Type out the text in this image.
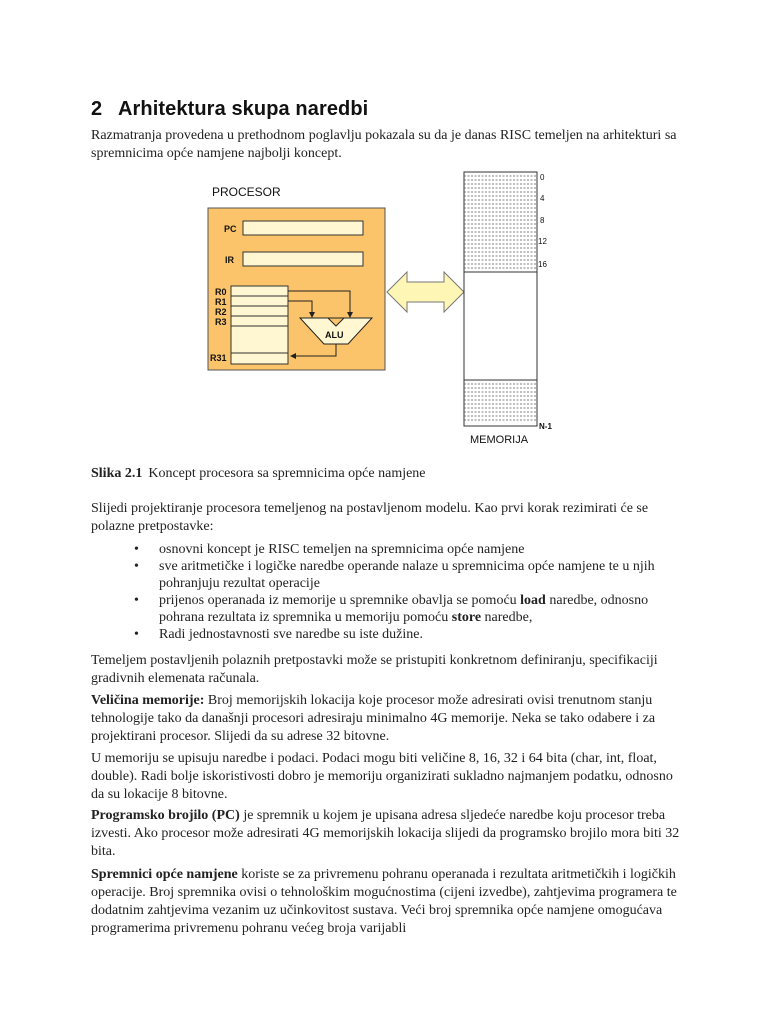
2 Arhitektura skupa naredbi

Razmatranja provedena u prethodnom poglavlju pokazala su da je danas RISC temeljen na arhitekturi sa spremnicima opće namjene najbolji koncept.

PROCESOR
PC
IR
R0
R1
R2
R3
R31
ALU
0
4
8
12
16
N-1
MEMORIJA

Slika 2.1 Koncept procesora sa spremnicima opće namjene

Slijedi projektiranje procesora temeljenog na postavljenom modelu. Kao prvi korak rezimirati će se polazne pretpostavke:

• osnovni koncept je RISC temeljen na spremnicima opće namjene
• sve aritmetičke i logičke naredbe operande nalaze u spremnicima opće namjene te u njih pohranjuju rezultat operacije
• prijenos operanada iz memorije u spremnike obavlja se pomoću load naredbe, odnosno pohrana rezultata iz spremnika u memoriju pomoću store naredbe,
• Radi jednostavnosti sve naredbe su iste dužine.

Temeljem postavljenih polaznih pretpostavki može se pristupiti konkretnom definiranju, specifikaciji gradivnih elemenata računala.

Veličina memorije: Broj memorijskih lokacija koje procesor može adresirati ovisi trenutnom stanju tehnologije tako da današnji procesori adresiraju minimalno 4G memorije. Neka se tako odabere i za projektirani procesor. Slijedi da su adrese 32 bitovne.

U memoriju se upisuju naredbe i podaci. Podaci mogu biti veličine 8, 16, 32 i 64 bita (char, int, float, double). Radi bolje iskoristivosti dobro je memoriju organizirati sukladno najmanjem podatku, odnosno da su lokacije 8 bitovne.

Programsko brojilo (PC) je spremnik u kojem je upisana adresa sljedeće naredbe koju procesor treba izvesti. Ako procesor može adresirati 4G memorijskih lokacija slijedi da programsko brojilo mora biti 32 bita.

Spremnici opće namjene koriste se za privremenu pohranu operanada i rezultata aritmetičkih i logičkih operacije. Broj spremnika ovisi o tehnološkim mogućnostima (cijeni izvedbe), zahtjevima programera te dodatnim zahtjevima vezanim uz učinkovitost sustava. Veći broj spremnika opće namjene omogućava programerima privremenu pohranu većeg broja varijabli
